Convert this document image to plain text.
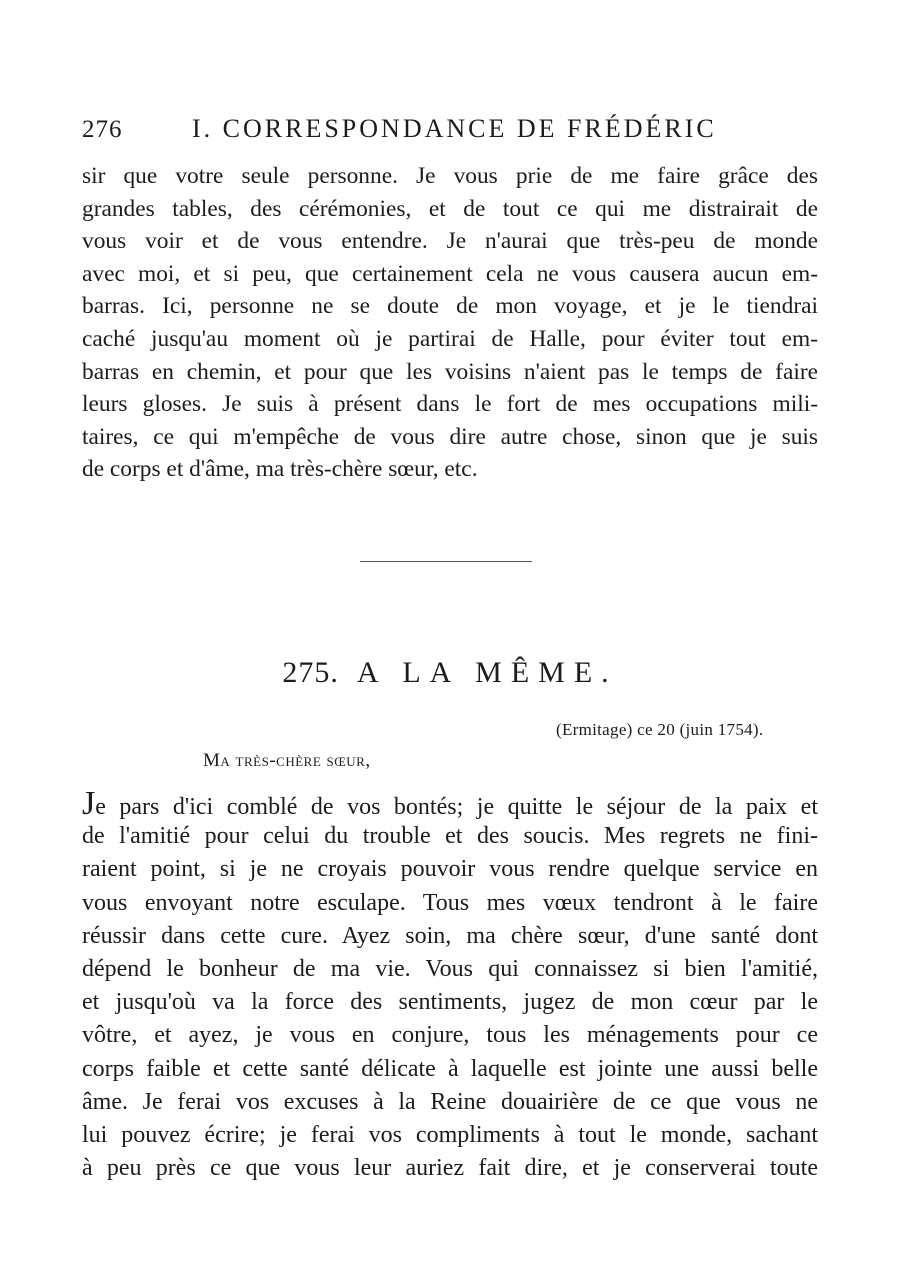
276	I. CORRESPONDANCE DE FRÉDÉRIC
sir que votre seule personne. Je vous prie de me faire grâce des
grandes tables, des cérémonies, et de tout ce qui me distrairait de
vous voir et de vous entendre. Je n'aurai que très-peu de monde
avec moi, et si peu, que certainement cela ne vous causera aucun em-
barras. Ici, personne ne se doute de mon voyage, et je le tiendrai
caché jusqu'au moment où je partirai de Halle, pour éviter tout em-
barras en chemin, et pour que les voisins n'aient pas le temps de faire
leurs gloses. Je suis à présent dans le fort de mes occupations mili-
taires, ce qui m'empêche de vous dire autre chose, sinon que je suis
de corps et d'âme, ma très-chère sœur, etc.
275. A LA MÊME.
(Ermitage) ce 20 (juin 1754).
Ma très-chère sœur,
Je pars d'ici comblé de vos bontés; je quitte le séjour de la paix et
de l'amitié pour celui du trouble et des soucis. Mes regrets ne fini-
raient point, si je ne croyais pouvoir vous rendre quelque service en
vous envoyant notre esculape. Tous mes vœux tendront à le faire
réussir dans cette cure. Ayez soin, ma chère sœur, d'une santé dont
dépend le bonheur de ma vie. Vous qui connaissez si bien l'amitié,
et jusqu'où va la force des sentiments, jugez de mon cœur par le
vôtre, et ayez, je vous en conjure, tous les ménagements pour ce
corps faible et cette santé délicate à laquelle est jointe une aussi belle
âme. Je ferai vos excuses à la Reine douairière de ce que vous ne
lui pouvez écrire; je ferai vos compliments à tout le monde, sachant
à peu près ce que vous leur auriez fait dire, et je conserverai toute
